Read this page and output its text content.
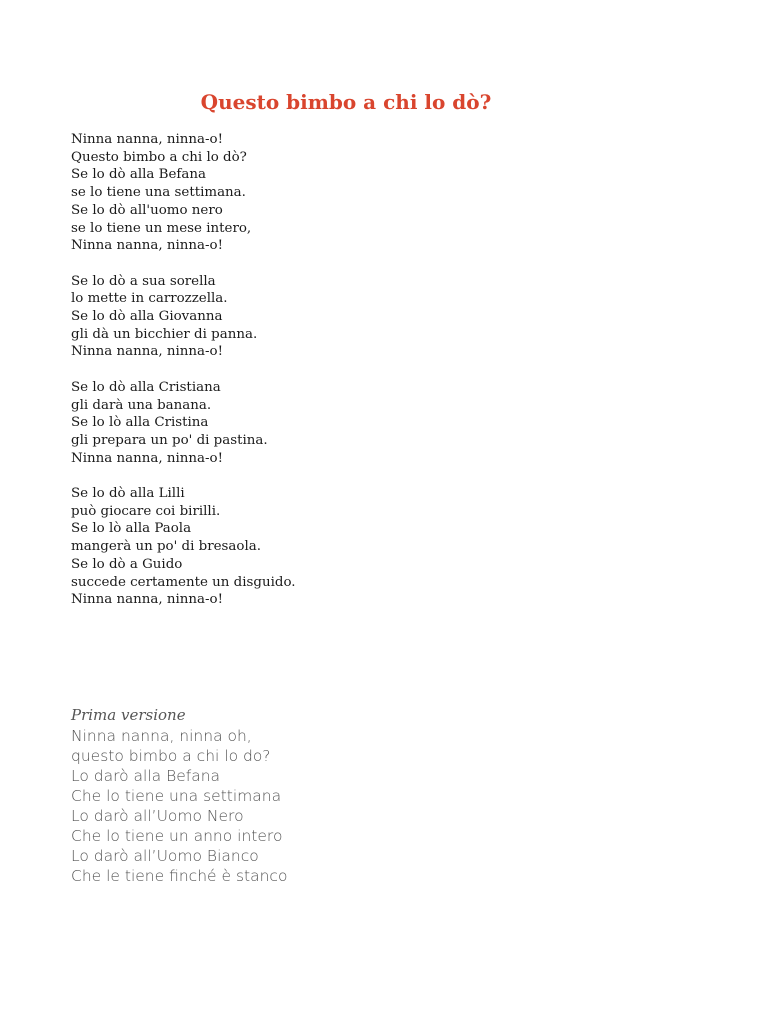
Questo bimbo a chi lo dò?
Ninna nanna, ninna-o!
Questo bimbo a chi lo dò?
Se lo dò alla Befana
se lo tiene una settimana.
Se lo dò all'uomo nero
se lo tiene un mese intero,
Ninna nanna, ninna-o!
Se lo dò a sua sorella
lo mette in carrozzella.
Se lo dò alla Giovanna
gli dà un bicchier di panna.
Ninna nanna, ninna-o!
Se lo dò alla Cristiana
gli darà una banana.
Se lo lò alla Cristina
gli prepara un po' di pastina.
Ninna nanna, ninna-o!
Se lo dò alla Lilli
può giocare coi birilli.
Se lo lò alla Paola
mangerà un po' di bresaola.
Se lo dò a Guido
succede certamente un disguido.
Ninna nanna, ninna-o!
Prima versione
Ninna nanna, ninna oh,
questo bimbo a chi lo do?
Lo darò alla Befana
Che lo tiene una settimana
Lo darò all’Uomo Nero
Che lo tiene un anno intero
Lo darò all’Uomo Bianco
Che le tiene finché è stanco
